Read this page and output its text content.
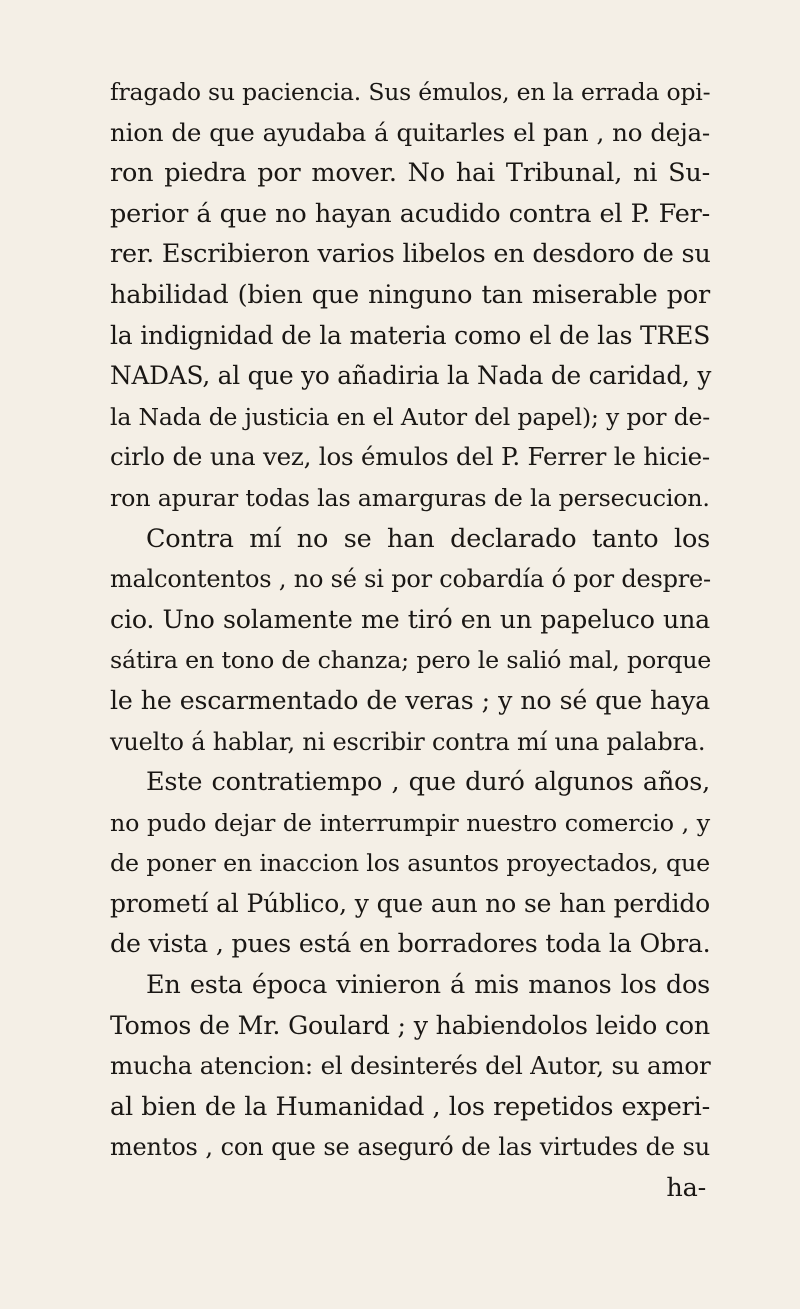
fragado su paciencia. Sus émulos, en la errada opi-
nion de que ayudaba á quitarles el pan , no deja-
ron piedra por mover. No hai Tribunal, ni Su-
perior á que no hayan acudido contra el P. Fer-
rer. Escribieron varios libelos en desdoro de su
habilidad (bien que ninguno tan miserable por
la indignidad de la materia como el de las TRES
NADAS, al que yo añadiria la Nada de caridad, y
la Nada de justicia en el Autor del papel); y por de-
cirlo de una vez, los émulos del P. Ferrer le hicie-
ron apurar todas las amarguras de la persecucion.
Contra mí no se han declarado tanto los
malcontentos , no sé si por cobardía ó por despre-
cio. Uno solamente me tiró en un papeluco una
sátira en tono de chanza; pero le salió mal, porque
le he escarmentado de veras ; y no sé que haya
vuelto á hablar, ni escribir contra mí una palabra.
Este contratiempo , que duró algunos años,
no pudo dejar de interrumpir nuestro comercio , y
de poner en inaccion los asuntos proyectados, que
prometí al Público, y que aun no se han perdido
de vista , pues está en borradores toda la Obra.
En esta época vinieron á mis manos los dos
Tomos de Mr. Goulard ; y habiendolos leido con
mucha atencion: el desinterés del Autor, su amor
al bien de la Humanidad , los repetidos experi-
mentos , con que se aseguró de las virtudes de su
ha-
